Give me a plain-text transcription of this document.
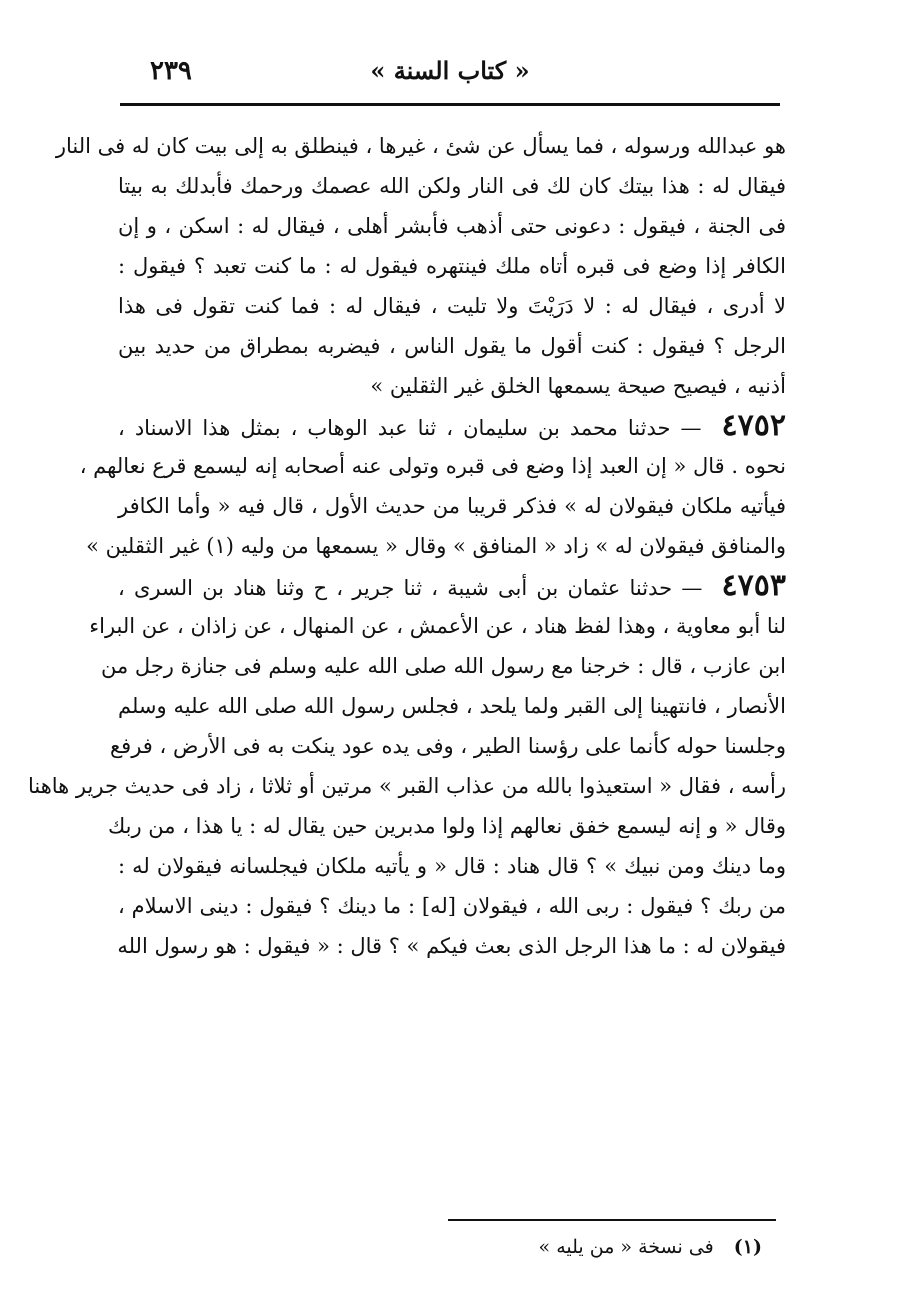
٢٣٩	« كتاب السنة »
هو عبدالله ورسوله ، فما يسأل عن شئ ، غيرها ، فينطلق به إلى بيت كان له فى النار
فيقال له : هذا بيتك كان لك فى النار ولكن الله عصمك ورحمك فأبدلك به بيتا
فى الجنة ، فيقول : دعونى حتى أذهب فأبشر أهلى ، فيقال له : اسكن ، و إن
الكافر إذا وضع فى قبره أتاه ملك فينتهره فيقول له : ما كنت تعبد ؟ فيقول :
لا أدرى ، فيقال له : لا دَرَيْتَ ولا تليت ، فيقال له : فما كنت تقول فى هذا
الرجل ؟ فيقول : كنت أقول ما يقول الناس ، فيضربه بمطراق من حديد بين
أذنيه ، فيصيح صيحة يسمعها الخلق غير الثقلين »
٤٧٥٢ — حدثنا محمد بن سليمان ، ثنا عبد الوهاب ، بمثل هذا الاسناد ،
نحوه . قال « إن العبد إذا وضع فى قبره وتولى عنه أصحابه إنه ليسمع قرع نعالهم ،
فيأتيه ملكان فيقولان له » فذكر قريبا من حديث الأول ، قال فيه « وأما الكافر
والمنافق فيقولان له » زاد « المنافق » وقال « يسمعها من وليه (١) غير الثقلين »
٤٧٥٣ — حدثنا عثمان بن أبى شيبة ، ثنا جرير ، ح وثنا هناد بن السرى ،
لنا أبو معاوية ، وهذا لفظ هناد ، عن الأعمش ، عن المنهال ، عن زاذان ، عن البراء
ابن عازب ، قال : خرجنا مع رسول الله صلى الله عليه وسلم فى جنازة رجل من
الأنصار ، فانتهينا إلى القبر ولما يلحد ، فجلس رسول الله صلى الله عليه وسلم
وجلسنا حوله كأنما على رؤسنا الطير ، وفى يده عود ينكت به فى الأرض ، فرفع
رأسه ، فقال « استعيذوا بالله من عذاب القبر » مرتين أو ثلاثا ، زاد فى حديث جرير هاهنا
وقال « و إنه ليسمع خفق نعالهم إذا ولوا مدبرين حين يقال له : يا هذا ، من ربك
وما دينك ومن نبيك » ؟ قال هناد : قال « و يأتيه ملكان فيجلسانه فيقولان له :
من ربك ؟ فيقول : ربى الله ، فيقولان [له] : ما دينك ؟ فيقول : دينى الاسلام ،
فيقولان له : ما هذا الرجل الذى بعث فيكم » ؟ قال : « فيقول : هو رسول الله
(١) فى نسخة « من يليه »
